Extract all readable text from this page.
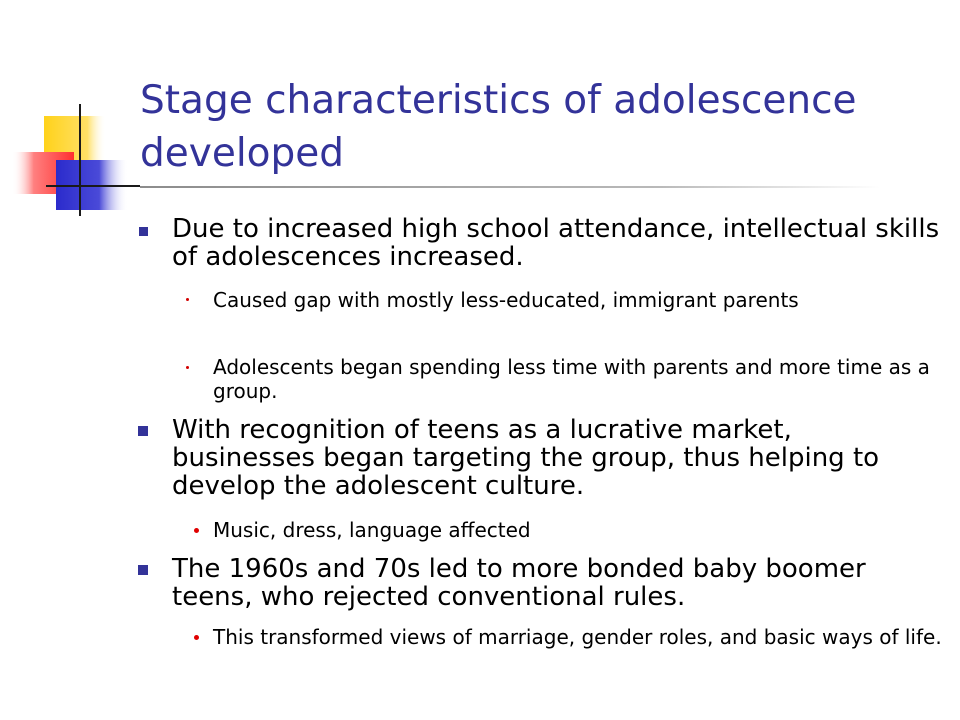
Stage characteristics of adolescence developed

Due to increased high school attendance, intellectual skills of adolescences increased.

Caused gap with mostly less-educated, immigrant parents

Adolescents began spending less time with parents and more time as a group.

With recognition of teens as a lucrative market, businesses began targeting the group, thus helping to develop the adolescent culture.

Music, dress, language affected

The 1960s and 70s led to more bonded baby boomer teens, who rejected conventional rules.

This transformed views of marriage, gender roles, and basic ways of life.
